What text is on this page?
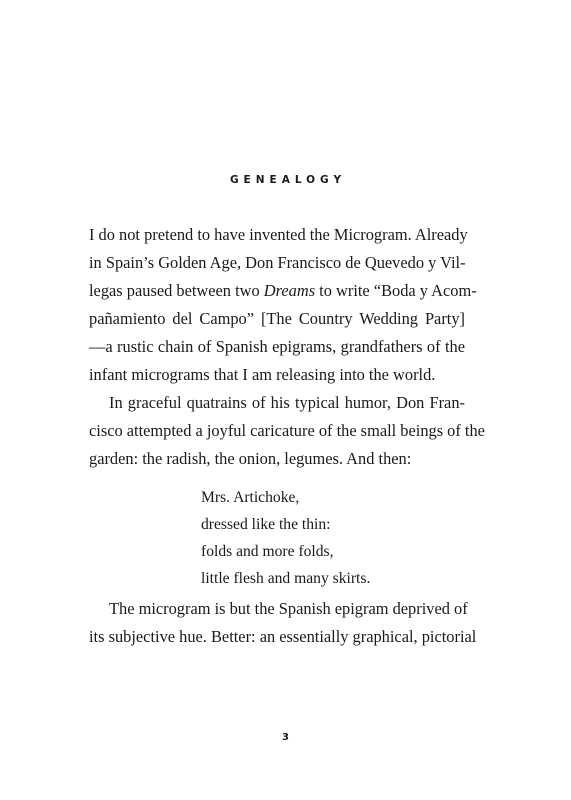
GENEALOGY
I do not pretend to have invented the Microgram. Already
in Spain’s Golden Age, Don Francisco de Quevedo y Vil-
legas paused between two Dreams to write “Boda y Acom-
pañamiento del Campo” [The Country Wedding Party]
—a rustic chain of Spanish epigrams, grandfathers of the
infant micrograms that I am releasing into the world.
In graceful quatrains of his typical humor, Don Fran-
cisco attempted a joyful caricature of the small beings of the
garden: the radish, the onion, legumes. And then:
Mrs. Artichoke,
dressed like the thin:
folds and more folds,
little flesh and many skirts.
The microgram is but the Spanish epigram deprived of
its subjective hue. Better: an essentially graphical, pictorial
3
